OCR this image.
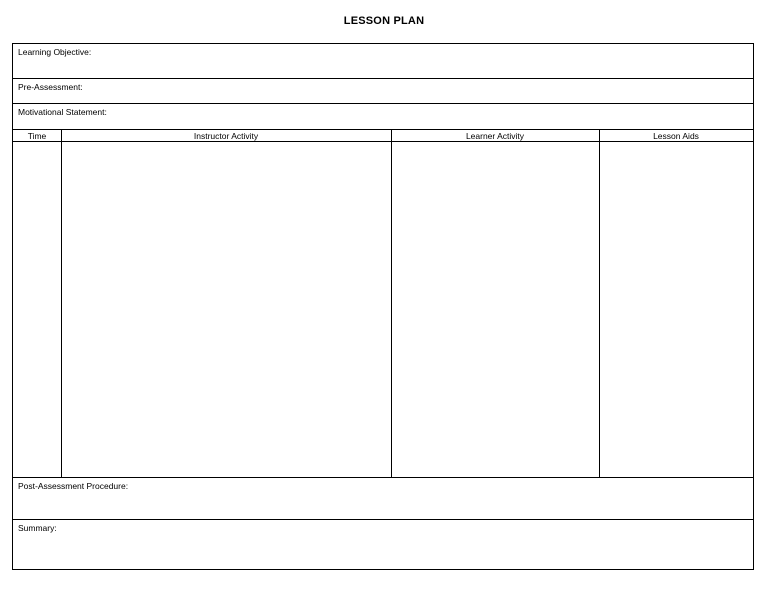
LESSON PLAN
Learning Objective:
Pre-Assessment:
Motivational Statement:
Time	Instructor Activity	Learner Activity	Lesson Aids
Post-Assessment Procedure:
Summary:
